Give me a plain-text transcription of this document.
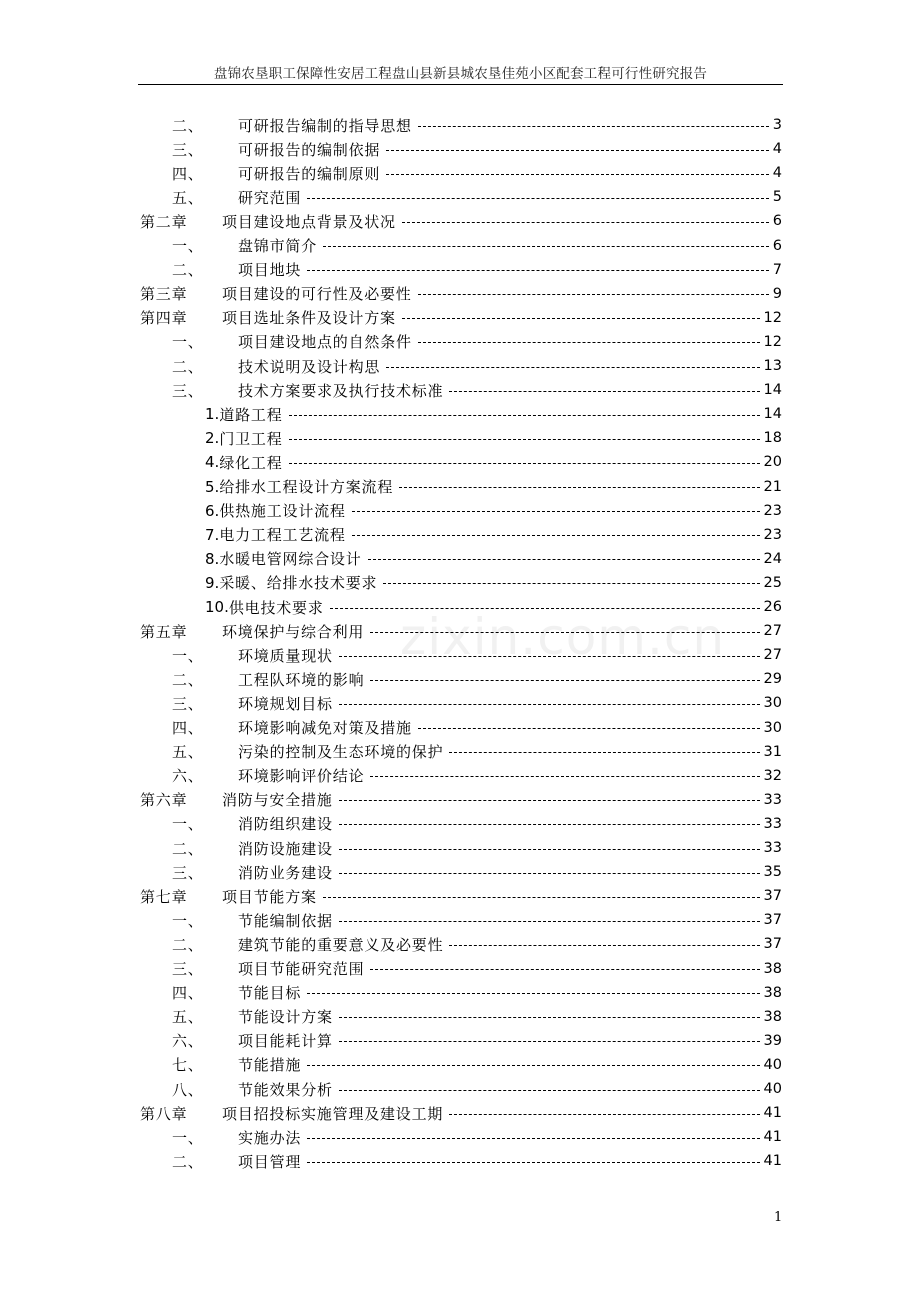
盘锦农垦职工保障性安居工程盘山县新县城农垦佳苑小区配套工程可行性研究报告
zixin.com.cn
二、	可研报告编制的指导思想	3
三、	可研报告的编制依据	4
四、	可研报告的编制原则	4
五、	研究范围	5
第二章	项目建设地点背景及状况	6
一、	盘锦市简介	6
二、	项目地块	7
第三章	项目建设的可行性及必要性	9
第四章	项目选址条件及设计方案	12
一、	项目建设地点的自然条件	12
二、	技术说明及设计构思	13
三、	技术方案要求及执行技术标准	14
1. 道路工程	14
2. 门卫工程	18
4. 绿化工程	20
5. 给排水工程设计方案流程	21
6. 供热施工设计流程	23
7. 电力工程工艺流程	23
8. 水暖电管网综合设计	24
9. 采暖、给排水技术要求	25
10. 供电技术要求	26
第五章	环境保护与综合利用	27
一、	环境质量现状	27
二、	工程队环境的影响	29
三、	环境规划目标	30
四、	环境影响减免对策及措施	30
五、	污染的控制及生态环境的保护	31
六、	环境影响评价结论	32
第六章	消防与安全措施	33
一、	消防组织建设	33
二、	消防设施建设	33
三、	消防业务建设	35
第七章	项目节能方案	37
一、	节能编制依据	37
二、	建筑节能的重要意义及必要性	37
三、	项目节能研究范围	38
四、	节能目标	38
五、	节能设计方案	38
六、	项目能耗计算	39
七、	节能措施	40
八、	节能效果分析	40
第八章	项目招投标实施管理及建设工期	41
一、	实施办法	41
二、	项目管理	41
1
